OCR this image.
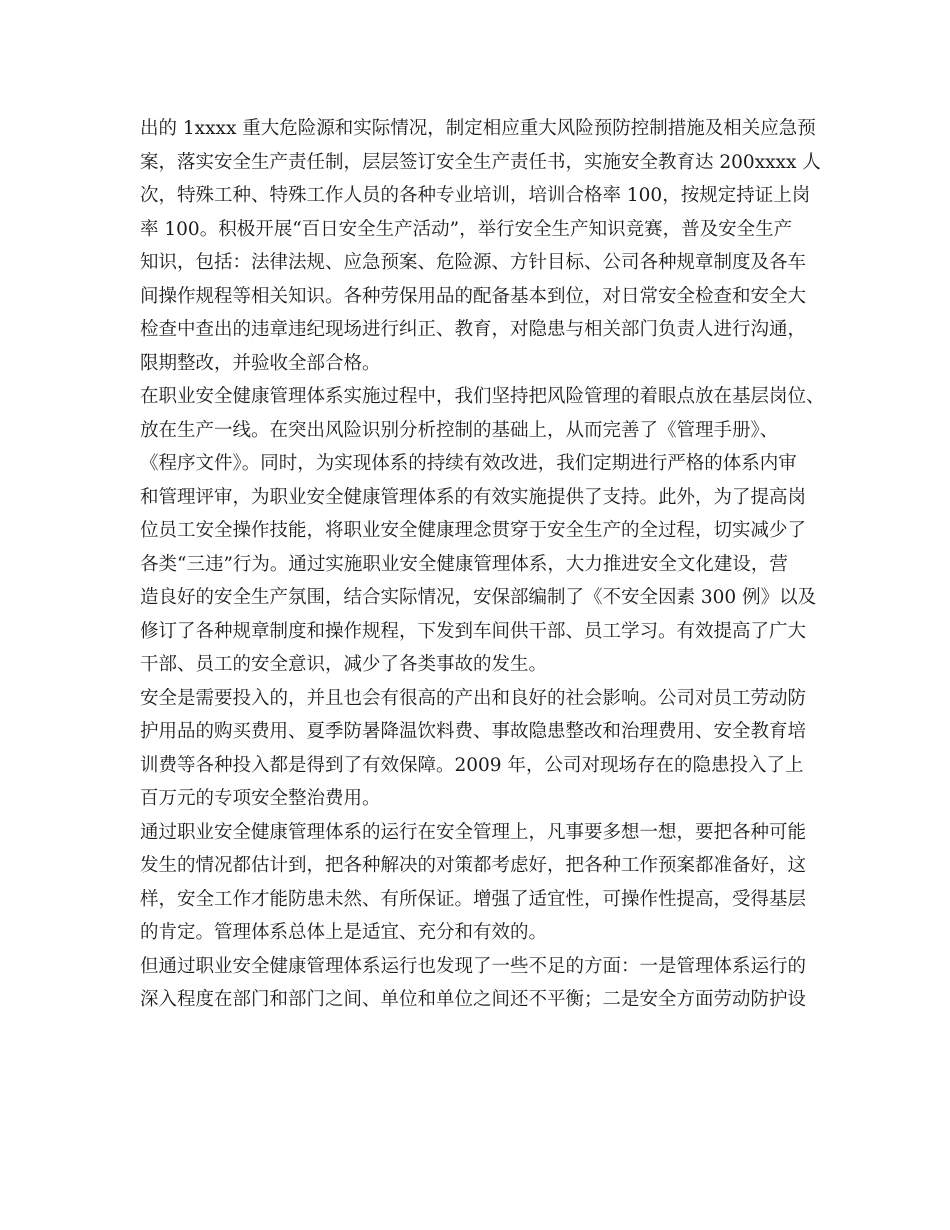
出的 1xxxx 重大危险源和实际情况，制定相应重大风险预防控制措施及相关应急预
案，落实安全生产责任制，层层签订安全生产责任书，实施安全教育达 200xxxx 人
次，特殊工种、特殊工作人员的各种专业培训，培训合格率 100，按规定持证上岗
率 100。积极开展“百日安全生产活动”，举行安全生产知识竞赛，普及安全生产
知识，包括：法律法规、应急预案、危险源、方针目标、公司各种规章制度及各车
间操作规程等相关知识。各种劳保用品的配备基本到位，对日常安全检查和安全大
检查中查出的违章违纪现场进行纠正、教育，对隐患与相关部门负责人进行沟通，
限期整改，并验收全部合格。
在职业安全健康管理体系实施过程中，我们坚持把风险管理的着眼点放在基层岗位、
放在生产一线。在突出风险识别分析控制的基础上，从而完善了《管理手册》、
《程序文件》。同时，为实现体系的持续有效改进，我们定期进行严格的体系内审
和管理评审，为职业安全健康管理体系的有效实施提供了支持。此外，为了提高岗
位员工安全操作技能，将职业安全健康理念贯穿于安全生产的全过程，切实减少了
各类“三违”行为。通过实施职业安全健康管理体系，大力推进安全文化建设，营
造良好的安全生产氛围，结合实际情况，安保部编制了《不安全因素 300 例》以及
修订了各种规章制度和操作规程，下发到车间供干部、员工学习。有效提高了广大
干部、员工的安全意识，减少了各类事故的发生。
安全是需要投入的，并且也会有很高的产出和良好的社会影响。公司对员工劳动防
护用品的购买费用、夏季防暑降温饮料费、事故隐患整改和治理费用、安全教育培
训费等各种投入都是得到了有效保障。2009 年，公司对现场存在的隐患投入了上
百万元的专项安全整治费用。
通过职业安全健康管理体系的运行在安全管理上，凡事要多想一想，要把各种可能
发生的情况都估计到，把各种解决的对策都考虑好，把各种工作预案都准备好，这
样，安全工作才能防患未然、有所保证。增强了适宜性，可操作性提高，受得基层
的肯定。管理体系总体上是适宜、充分和有效的。
但通过职业安全健康管理体系运行也发现了一些不足的方面：一是管理体系运行的
深入程度在部门和部门之间、单位和单位之间还不平衡；二是安全方面劳动防护设
